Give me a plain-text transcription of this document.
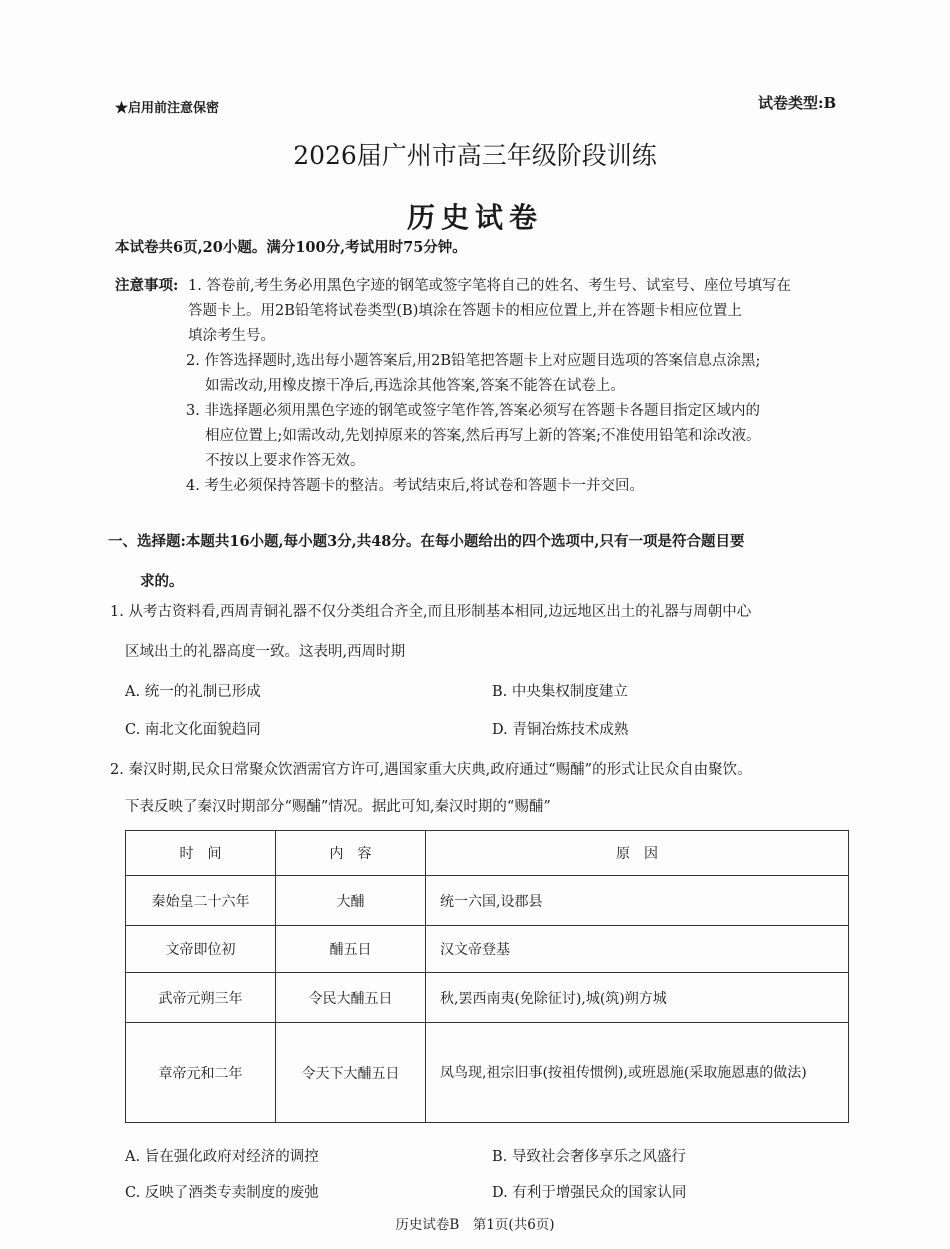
★启用前注意保密	试卷类型:B
2026届广州市高三年级阶段训练
历史试卷
本试卷共6页,20小题。满分100分,考试用时75分钟。
注意事项: 1. 答卷前,考生务必用黑色字迹的钢笔或签字笔将自己的姓名、考生号、试室号、座位号填写在
答题卡上。用2B铅笔将试卷类型(B)填涂在答题卡的相应位置上,并在答题卡相应位置上
填涂考生号。
2. 作答选择题时,选出每小题答案后,用2B铅笔把答题卡上对应题目选项的答案信息点涂黑;
如需改动,用橡皮擦干净后,再选涂其他答案,答案不能答在试卷上。
3. 非选择题必须用黑色字迹的钢笔或签字笔作答,答案必须写在答题卡各题目指定区域内的
相应位置上;如需改动,先划掉原来的答案,然后再写上新的答案;不准使用铅笔和涂改液。
不按以上要求作答无效。
4. 考生必须保持答题卡的整洁。考试结束后,将试卷和答题卡一并交回。
一、选择题:本题共16小题,每小题3分,共48分。在每小题给出的四个选项中,只有一项是符合题目要
求的。
1. 从考古资料看,西周青铜礼器不仅分类组合齐全,而且形制基本相同,边远地区出土的礼器与周朝中心
区域出土的礼器高度一致。这表明,西周时期
A. 统一的礼制已形成	B. 中央集权制度建立
C. 南北文化面貌趋同	D. 青铜冶炼技术成熟
2. 秦汉时期,民众日常聚众饮酒需官方许可,遇国家重大庆典,政府通过“赐酺”的形式让民众自由聚饮。
下表反映了秦汉时期部分“赐酺”情况。据此可知,秦汉时期的“赐酺”
时　间	内　容	原　因
秦始皇二十六年	大酺	统一六国,设郡县
文帝即位初	酺五日	汉文帝登基
武帝元朔三年	令民大酺五日	秋,罢西南夷(免除征讨),城(筑)朔方城
章帝元和二年	令天下大酺五日	凤鸟现,祖宗旧事(按祖传惯例),或班恩施(采取施恩惠的做法)
A. 旨在强化政府对经济的调控	B. 导致社会奢侈享乐之风盛行
C. 反映了酒类专卖制度的废弛	D. 有利于增强民众的国家认同
历史试卷B　第1页(共6页)
